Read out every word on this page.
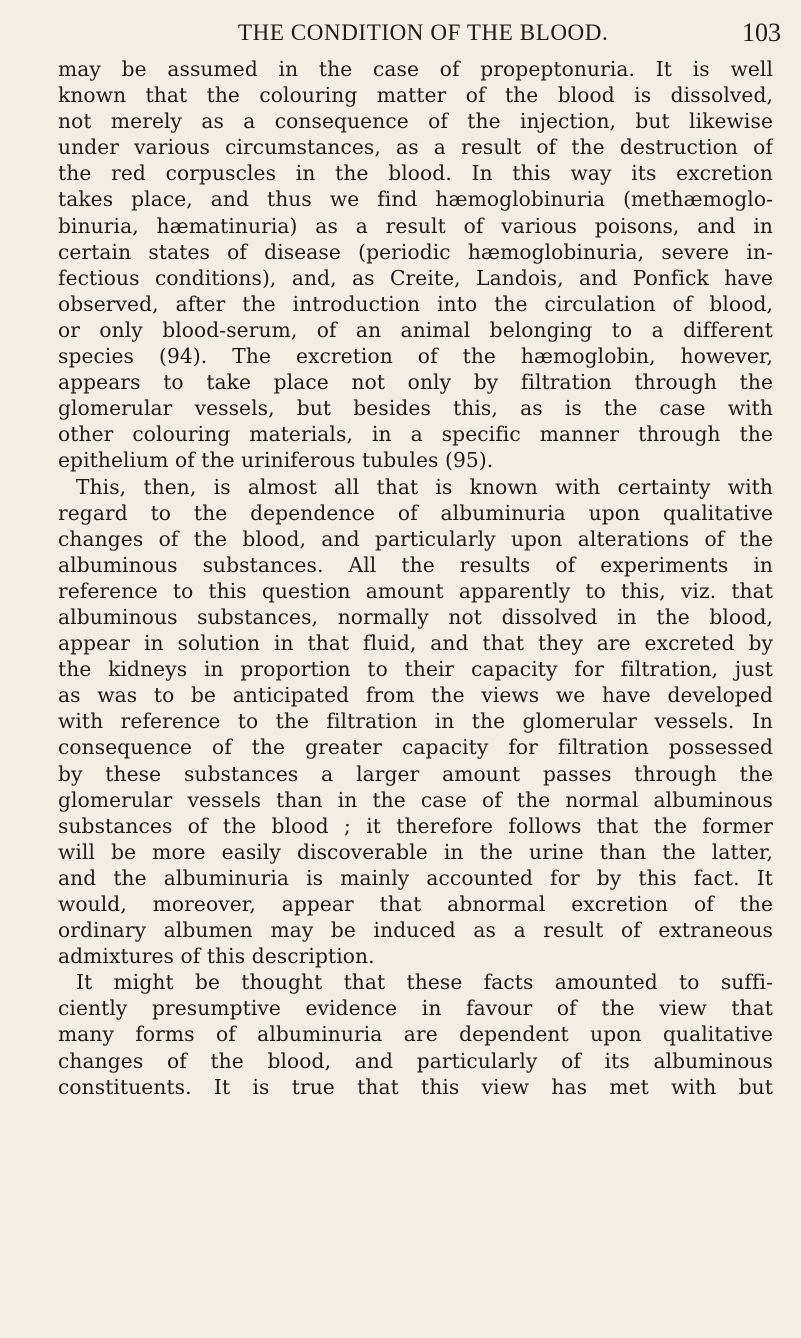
THE CONDITION OF THE BLOOD.	103
may be assumed in the case of propeptonuria. It is well
known that the colouring matter of the blood is dissolved,
not merely as a consequence of the injection, but likewise
under various circumstances, as a result of the destruction of
the red corpuscles in the blood. In this way its excretion
takes place, and thus we find hæmoglobinuria (methæmoglo-
binuria, hæmatinuria) as a result of various poisons, and in
certain states of disease (periodic hæmoglobinuria, severe in-
fectious conditions), and, as Creite, Landois, and Ponfick have
observed, after the introduction into the circulation of blood,
or only blood-serum, of an animal belonging to a different
species (94). The excretion of the hæmoglobin, however,
appears to take place not only by filtration through the
glomerular vessels, but besides this, as is the case with
other colouring materials, in a specific manner through the
epithelium of the uriniferous tubules (95).
This, then, is almost all that is known with certainty with
regard to the dependence of albuminuria upon qualitative
changes of the blood, and particularly upon alterations of the
albuminous substances. All the results of experiments in
reference to this question amount apparently to this, viz. that
albuminous substances, normally not dissolved in the blood,
appear in solution in that fluid, and that they are excreted by
the kidneys in proportion to their capacity for filtration, just
as was to be anticipated from the views we have developed
with reference to the filtration in the glomerular vessels. In
consequence of the greater capacity for filtration possessed
by these substances a larger amount passes through the
glomerular vessels than in the case of the normal albuminous
substances of the blood ; it therefore follows that the former
will be more easily discoverable in the urine than the latter,
and the albuminuria is mainly accounted for by this fact. It
would, moreover, appear that abnormal excretion of the
ordinary albumen may be induced as a result of extraneous
admixtures of this description.
It might be thought that these facts amounted to suffi-
ciently presumptive evidence in favour of the view that
many forms of albuminuria are dependent upon qualitative
changes of the blood, and particularly of its albuminous
constituents. It is true that this view has met with but
